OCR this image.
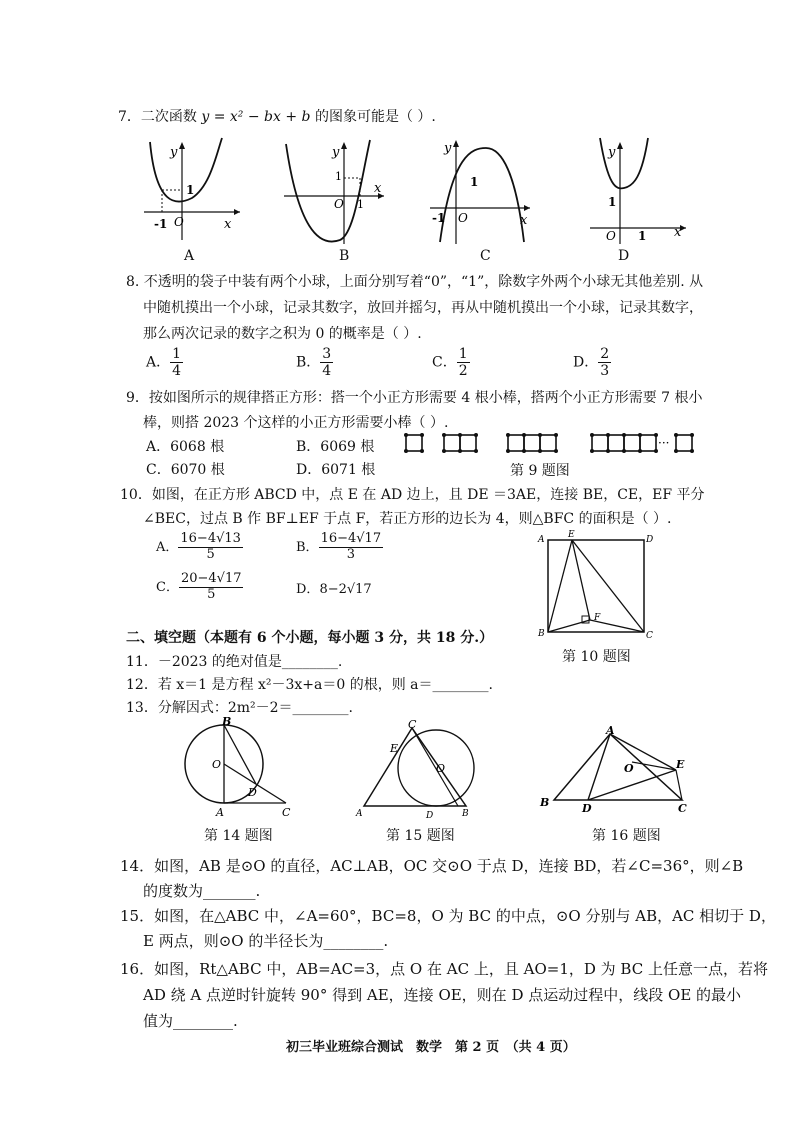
7．二次函数 y = x² − bx + b 的图象可能是（ ）.
y
x
O
1
-1
A
y
x
O
1
1
B
y
x
O
1
-1
C
y
x
O
1
1
D
8. 不透明的袋子中装有两个小球，上面分别写着“0”，“1”，除数字外两个小球无其他差别. 从
中随机摸出一个小球，记录其数字，放回并摇匀，再从中随机摸出一个小球，记录其数字，
那么两次记录的数字之积为 0 的概率是（ ）.
A． $\frac{1}{4}$	B． $\frac{3}{4}$	C． $\frac{1}{2}$	D． $\frac{2}{3}$
9．按如图所示的规律搭正方形：搭一个小正方形需要 4 根小棒，搭两个小正方形需要 7 根小
棒，则搭 2023 个这样的小正方形需要小棒（ ）.
A．6068 根	B．6069 根
C．6070 根	D．6071 根
···
第 9 题图
10．如图，在正方形 ABCD 中，点 E 在 AD 边上，且 DE ＝3AE，连接 BE，CE，EF 平分
∠BEC，过点 B 作 BF⊥EF 于点 F，若正方形的边长为 4，则△BFC 的面积是（ ）.
A． $\frac{16-4√13}{5}$	B． $\frac{16-4√17}{3}$
C． $\frac{20-4√17}{5}$	D．8−2√17
A	E	D
B
F
C
第 10 题图
二、填空题（本题有 6 个小题，每小题 3 分，共 18 分.）
11．－2023 的绝对值是________.
12．若 x＝1 是方程 x²－3x+a＝0 的根，则 a＝________.
13．分解因式：2m²－2＝________.
B
O
D
A	C
第 14 题图
C
E
O
A	D	B
第 15 题图
A
O	E
B	D	C
第 16 题图
14．如图，AB 是⊙O 的直径，AC⊥AB，OC 交⊙O 于点 D，连接 BD，若∠C=36°，则∠B
的度数为_______.
15．如图，在△ABC 中，∠A=60°，BC=8，O 为 BC 的中点，⊙O 分别与 AB，AC 相切于 D，
E 两点，则⊙O 的半径长为________.
16．如图，Rt△ABC 中，AB=AC=3，点 O 在 AC 上，且 AO=1，D 为 BC 上任意一点，若将
AD 绕 A 点逆时针旋转 90° 得到 AE，连接 OE，则在 D 点运动过程中，线段 OE 的最小
值为________.
初三毕业班综合测试　数学　第 2 页　（共 4 页）
